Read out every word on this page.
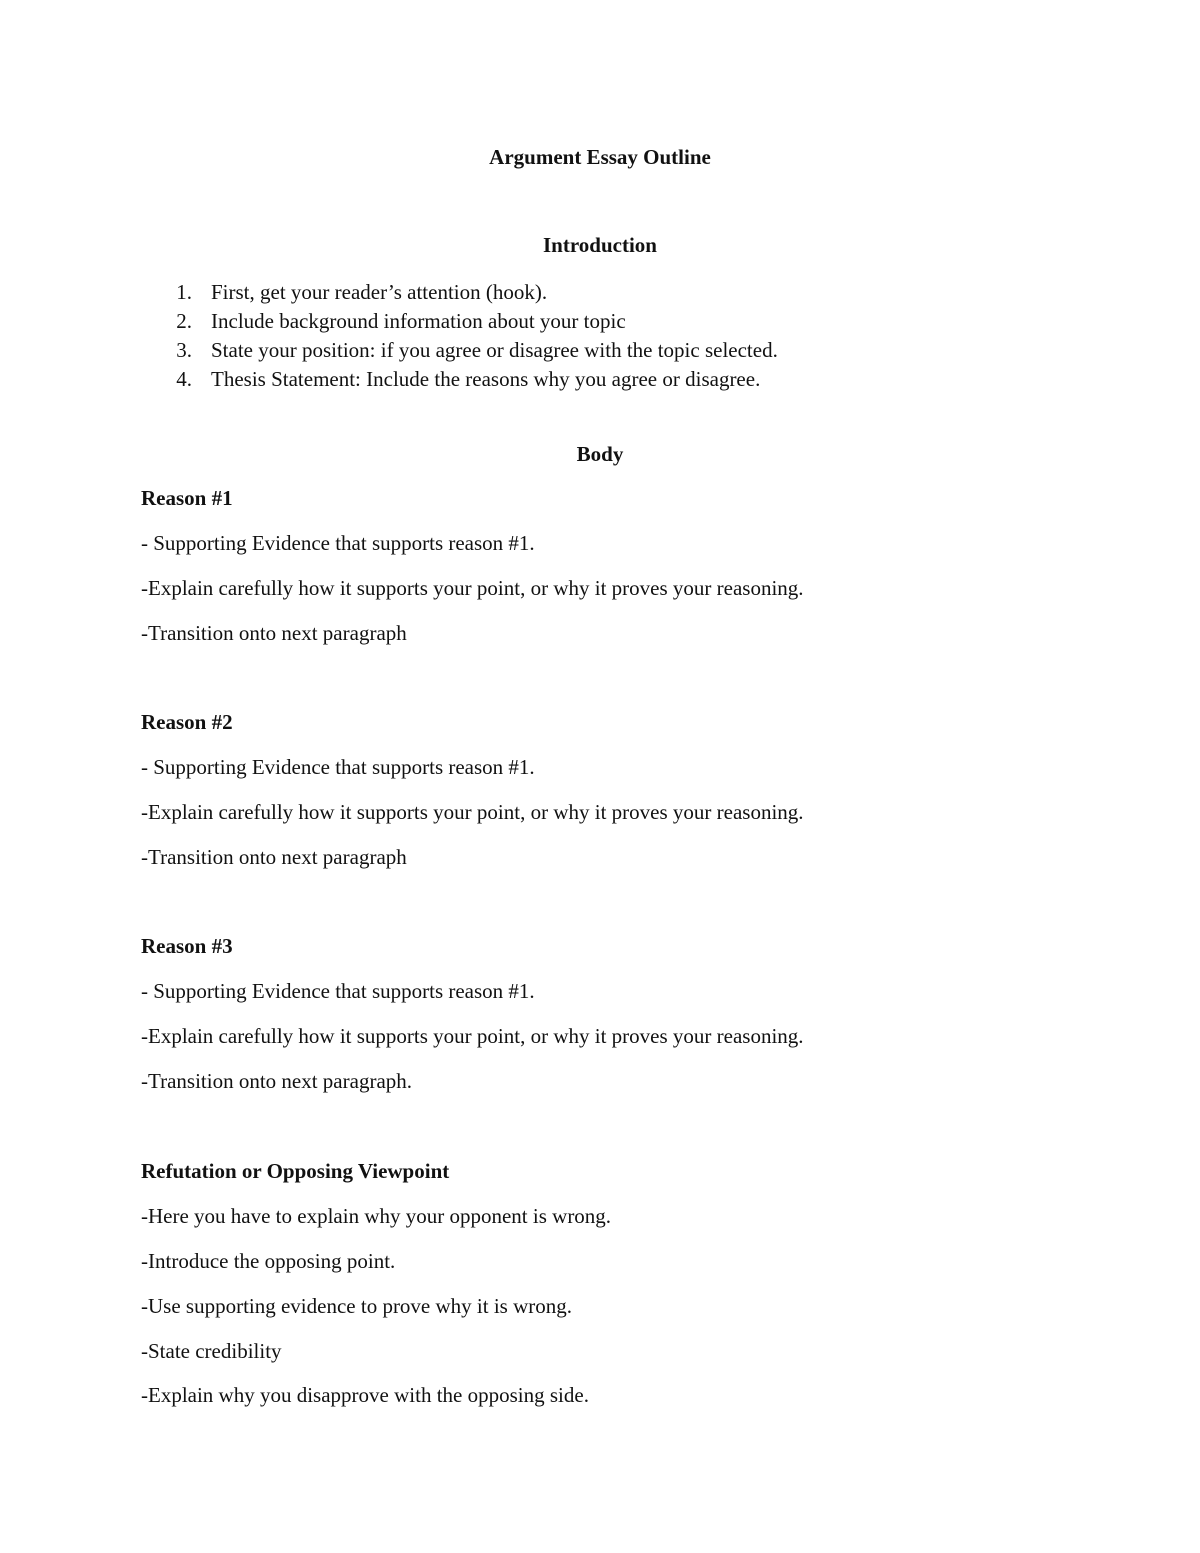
Argument Essay Outline
Introduction
1. First, get your reader’s attention (hook).
2. Include background information about your topic
3. State your position: if you agree or disagree with the topic selected.
4. Thesis Statement: Include the reasons why you agree or disagree.
Body
Reason #1
- Supporting Evidence that supports reason #1.
-Explain carefully how it supports your point, or why it proves your reasoning.
-Transition onto next paragraph
Reason #2
- Supporting Evidence that supports reason #1.
-Explain carefully how it supports your point, or why it proves your reasoning.
-Transition onto next paragraph
Reason #3
- Supporting Evidence that supports reason #1.
-Explain carefully how it supports your point, or why it proves your reasoning.
-Transition onto next paragraph.
Refutation or Opposing Viewpoint
-Here you have to explain why your opponent is wrong.
-Introduce the opposing point.
-Use supporting evidence to prove why it is wrong.
-State credibility
-Explain why you disapprove with the opposing side.
